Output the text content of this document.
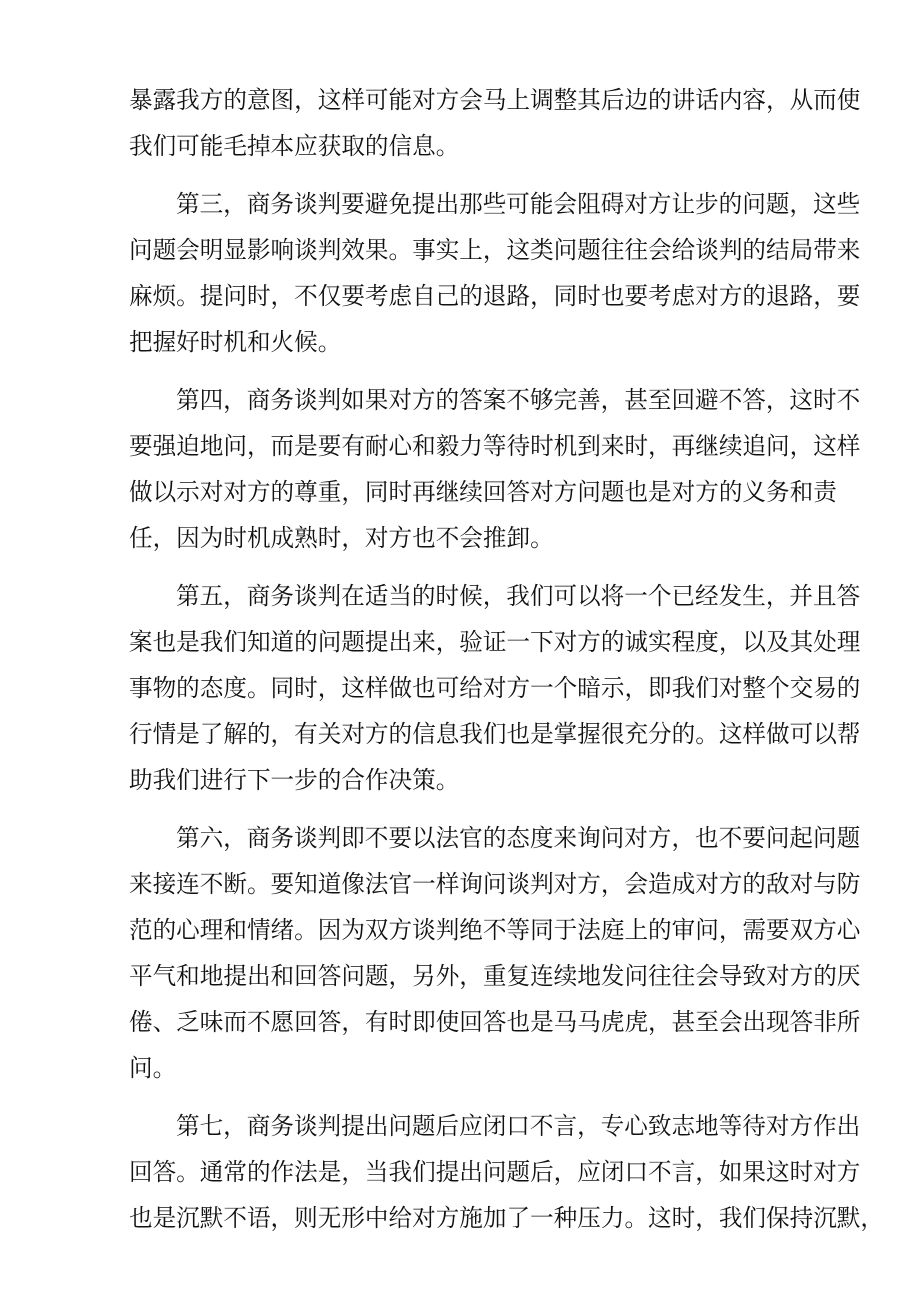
暴露我方的意图，这样可能对方会马上调整其后边的讲话内容，从而使
我们可能毛掉本应获取的信息。

第三，商务谈判要避免提出那些可能会阻碍对方让步的问题，这些
问题会明显影响谈判效果。事实上，这类问题往往会给谈判的结局带来
麻烦。提问时，不仅要考虑自己的退路，同时也要考虑对方的退路，要
把握好时机和火候。

第四，商务谈判如果对方的答案不够完善，甚至回避不答，这时不
要强迫地问，而是要有耐心和毅力等待时机到来时，再继续追问，这样
做以示对对方的尊重，同时再继续回答对方问题也是对方的义务和责
任，因为时机成熟时，对方也不会推卸。

第五，商务谈判在适当的时候，我们可以将一个已经发生，并且答
案也是我们知道的问题提出来，验证一下对方的诚实程度，以及其处理
事物的态度。同时，这样做也可给对方一个暗示，即我们对整个交易的
行情是了解的，有关对方的信息我们也是掌握很充分的。这样做可以帮
助我们进行下一步的合作决策。

第六，商务谈判即不要以法官的态度来询问对方，也不要问起问题
来接连不断。要知道像法官一样询问谈判对方，会造成对方的敌对与防
范的心理和情绪。因为双方谈判绝不等同于法庭上的审问，需要双方心
平气和地提出和回答问题，另外，重复连续地发问往往会导致对方的厌
倦、乏味而不愿回答，有时即使回答也是马马虎虎，甚至会出现答非所
问。

第七，商务谈判提出问题后应闭口不言，专心致志地等待对方作出
回答。通常的作法是，当我们提出问题后，应闭口不言，如果这时对方
也是沉默不语，则无形中给对方施加了一种压力。这时，我们保持沉默，
